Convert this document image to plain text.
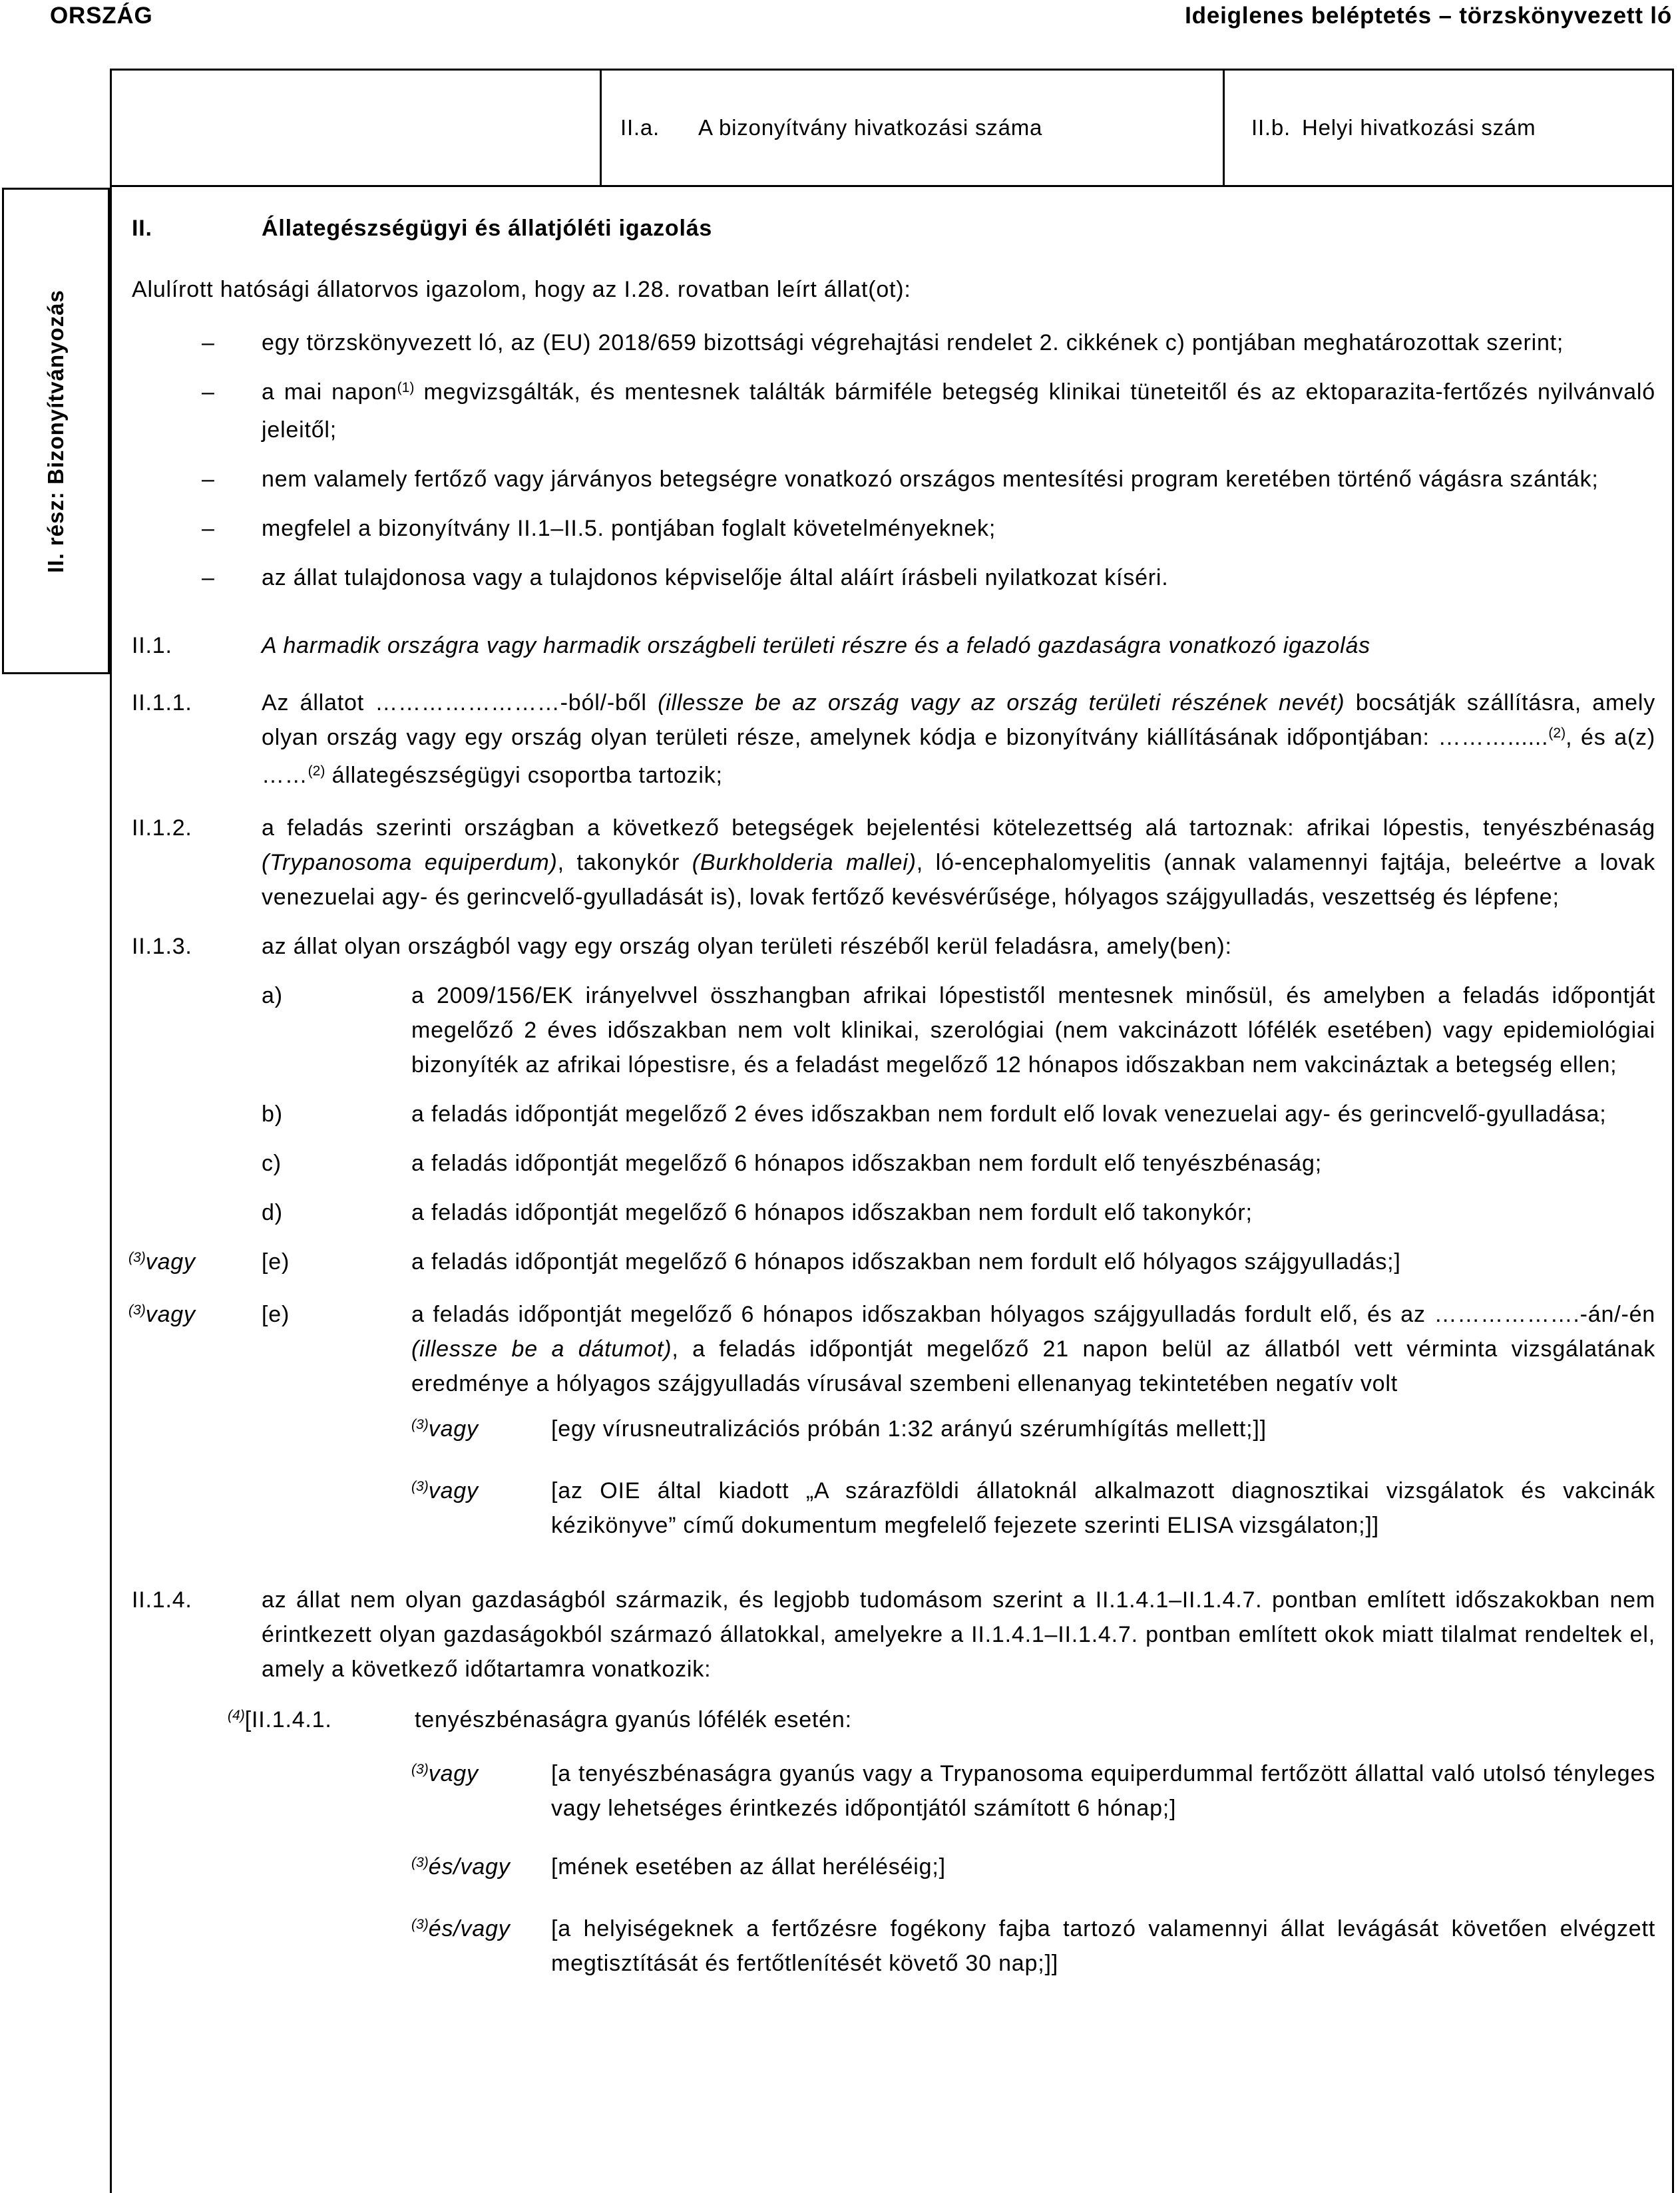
ORSZÁG	Ideiglenes beléptetés – törzskönyvezett ló
II.a.	A bizonyítvány hivatkozási száma	II.b. Helyi hivatkozási szám
II. rész: Bizonyítványozás
II.	Állategészségügyi és állatjóléti igazolás
Alulírott hatósági állatorvos igazolom, hogy az I.28. rovatban leírt állat(ot):
–	egy törzskönyvezett ló, az (EU) 2018/659 bizottsági végrehajtási rendelet 2. cikkének c) pontjában meghatározottak szerint;
–	a mai napon$^{(1)}$ megvizsgálták, és mentesnek találták bármiféle betegség klinikai tüneteitől és az ektoparazita-fertőzés nyilvánvaló jeleitől;
–	nem valamely fertőző vagy járványos betegségre vonatkozó országos mentesítési program keretében történő vágásra szánták;
–	megfelel a bizonyítvány II.1–II.5. pontjában foglalt követelményeknek;
–	az állat tulajdonosa vagy a tulajdonos képviselője által aláírt írásbeli nyilatkozat kíséri.
II.1.	A harmadik országra vagy harmadik országbeli területi részre és a feladó gazdaságra vonatkozó igazolás
II.1.1.	Az állatot ……………………-ból/-ből (illessze be az ország vagy az ország területi részének nevét) bocsátják szállításra, amely olyan ország vagy egy ország olyan területi része, amelynek kódja e bizonyítvány kiállításának időpontjában: ………......$^{(2)}$, és a(z) ……$^{(2)}$ állategészségügyi csoportba tartozik;
II.1.2.	a feladás szerinti országban a következő betegségek bejelentési kötelezettség alá tartoznak: afrikai lópestis, tenyészbénaság (Trypanosoma equiperdum), takonykór (Burkholderia mallei), ló-encephalomyelitis (annak valamennyi fajtája, beleértve a lovak venezuelai agy- és gerincvelő-gyulladását is), lovak fertőző kevésvérűsége, hólyagos szájgyulladás, veszettség és lépfene;
II.1.3.	az állat olyan országból vagy egy ország olyan területi részéből kerül feladásra, amely(ben):
a)	a 2009/156/EK irányelvvel összhangban afrikai lópestistől mentesnek minősül, és amelyben a feladás időpontját megelőző 2 éves időszakban nem volt klinikai, szerológiai (nem vakcinázott lófélék esetében) vagy epidemiológiai bizonyíték az afrikai lópestisre, és a feladást megelőző 12 hónapos időszakban nem vakcináztak a betegség ellen;
b)	a feladás időpontját megelőző 2 éves időszakban nem fordult elő lovak venezuelai agy- és gerincvelő-gyulladása;
c)	a feladás időpontját megelőző 6 hónapos időszakban nem fordult elő tenyészbénaság;
d)	a feladás időpontját megelőző 6 hónapos időszakban nem fordult elő takonykór;
$^{(3)}$vagy	[e)	a feladás időpontját megelőző 6 hónapos időszakban nem fordult elő hólyagos szájgyulladás;]
$^{(3)}$vagy	[e)	a feladás időpontját megelőző 6 hónapos időszakban hólyagos szájgyulladás fordult elő, és az ……………….-án/-én (illessze be a dátumot), a feladás időpontját megelőző 21 napon belül az állatból vett vérminta vizsgálatának eredménye a hólyagos szájgyulladás vírusával szembeni ellenanyag tekintetében negatív volt
$^{(3)}$vagy	[egy vírusneutralizációs próbán 1:32 arányú szérumhígítás mellett;]]
$^{(3)}$vagy	[az OIE által kiadott „A szárazföldi állatoknál alkalmazott diagnosztikai vizsgálatok és vakcinák kézikönyve” című dokumentum megfelelő fejezete szerinti ELISA vizsgálaton;]]
II.1.4.	az állat nem olyan gazdaságból származik, és legjobb tudomásom szerint a II.1.4.1–II.1.4.7. pontban említett időszakokban nem érintkezett olyan gazdaságokból származó állatokkal, amelyekre a II.1.4.1–II.1.4.7. pontban említett okok miatt tilalmat rendeltek el, amely a következő időtartamra vonatkozik:
$^{(4)}$[II.1.4.1.	tenyészbénaságra gyanús lófélék esetén:
$^{(3)}$vagy	[a tenyészbénaságra gyanús vagy a Trypanosoma equiperdummal fertőzött állattal való utolsó tényleges vagy lehetséges érintkezés időpontjától számított 6 hónap;]
$^{(3)}$és/vagy	[mének esetében az állat heréléséig;]
$^{(3)}$és/vagy	[a helyiségeknek a fertőzésre fogékony fajba tartozó valamennyi állat levágását követően elvégzett megtisztítását és fertőtlenítését követő 30 nap;]]
